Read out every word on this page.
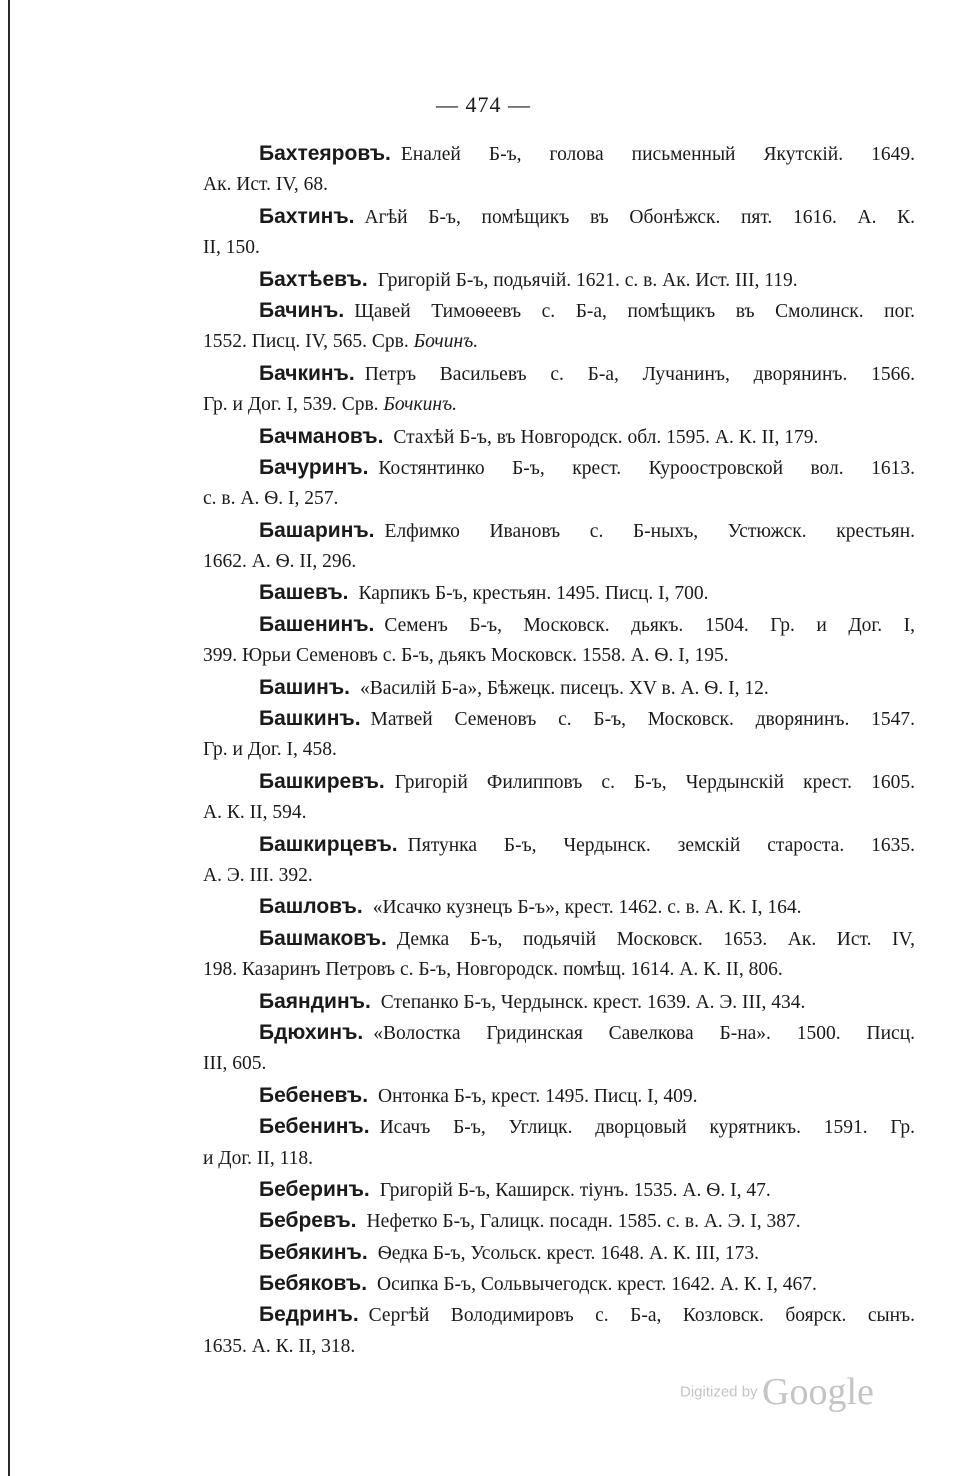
— 474 —
Бахтеяровъ. Еналей Б-ъ, голова письменный Якутскій. 1649.
Ак. Ист. IV, 68.
Бахтинъ. Агѣй Б-ъ, помѣщикъ въ Обонѣжск. пят. 1616. А. К.
II, 150.
Бахтѣевъ. Григорій Б-ъ, подьячій. 1621. с. в. Ак. Ист. III, 119.
Бачинъ. Щавей Тимоѳеевъ с. Б-а, помѣщикъ въ Смолинск. пог.
1552. Писц. IV, 565. Срв. Бочинъ.
Бачкинъ. Петръ Васильевъ с. Б-а, Лучанинъ, дворянинъ. 1566.
Гр. и Дог. I, 539. Срв. Бочкинъ.
Бачмановъ. Стахѣй Б-ъ, въ Новгородск. обл. 1595. А. К. II, 179.
Бачуринъ. Костянтинко Б-ъ, крест. Куроостровской вол. 1613.
с. в. А. Ѳ. I, 257.
Башаринъ. Елфимко Ивановъ с. Б-ныхъ, Устюжск. крестьян.
1662. А. Ѳ. II, 296.
Башевъ. Карпикъ Б-ъ, крестьян. 1495. Писц. I, 700.
Башенинъ. Семенъ Б-ъ, Московск. дьякъ. 1504. Гр. и Дог. I,
399. Юрьи Семеновъ с. Б-ъ, дьякъ Московск. 1558. А. Ѳ. I, 195.
Башинъ. «Василій Б-а», Бѣжецк. писецъ. XV в. А. Ѳ. I, 12.
Башкинъ. Матвей Семеновъ с. Б-ъ, Московск. дворянинъ. 1547.
Гр. и Дог. I, 458.
Башкиревъ. Григорій Филипповъ с. Б-ъ, Чердынскій крест. 1605.
А. К. II, 594.
Башкирцевъ. Пятунка Б-ъ, Чердынск. земскій староста. 1635.
А. Э. III. 392.
Башловъ. «Исачко кузнецъ Б-ъ», крест. 1462. с. в. А. К. I, 164.
Башмаковъ. Демка Б-ъ, подьячій Московск. 1653. Ак. Ист. IV,
198. Казаринъ Петровъ с. Б-ъ, Новгородск. помѣщ. 1614. А. К. II, 806.
Баяндинъ. Степанко Б-ъ, Чердынск. крест. 1639. А. Э. III, 434.
Бдюхинъ. «Волостка Гридинская Савелкова Б-на». 1500. Писц.
III, 605.
Бебеневъ. Онтонка Б-ъ, крест. 1495. Писц. I, 409.
Бебенинъ. Исачъ Б-ъ, Углицк. дворцовый курятникъ. 1591. Гр.
и Дог. II, 118.
Беберинъ. Григорій Б-ъ, Каширск. тіунъ. 1535. А. Ѳ. I, 47.
Бебревъ. Нефетко Б-ъ, Галицк. посадн. 1585. с. в. А. Э. I, 387.
Бебякинъ. Ѳедка Б-ъ, Усольск. крест. 1648. А. К. III, 173.
Бебяковъ. Осипка Б-ъ, Сольвычегодск. крест. 1642. А. К. I, 467.
Бедринъ. Сергѣй Володимировъ с. Б-а, Козловск. боярск. сынъ.
1635. А. К. II, 318.
Digitized by Google
